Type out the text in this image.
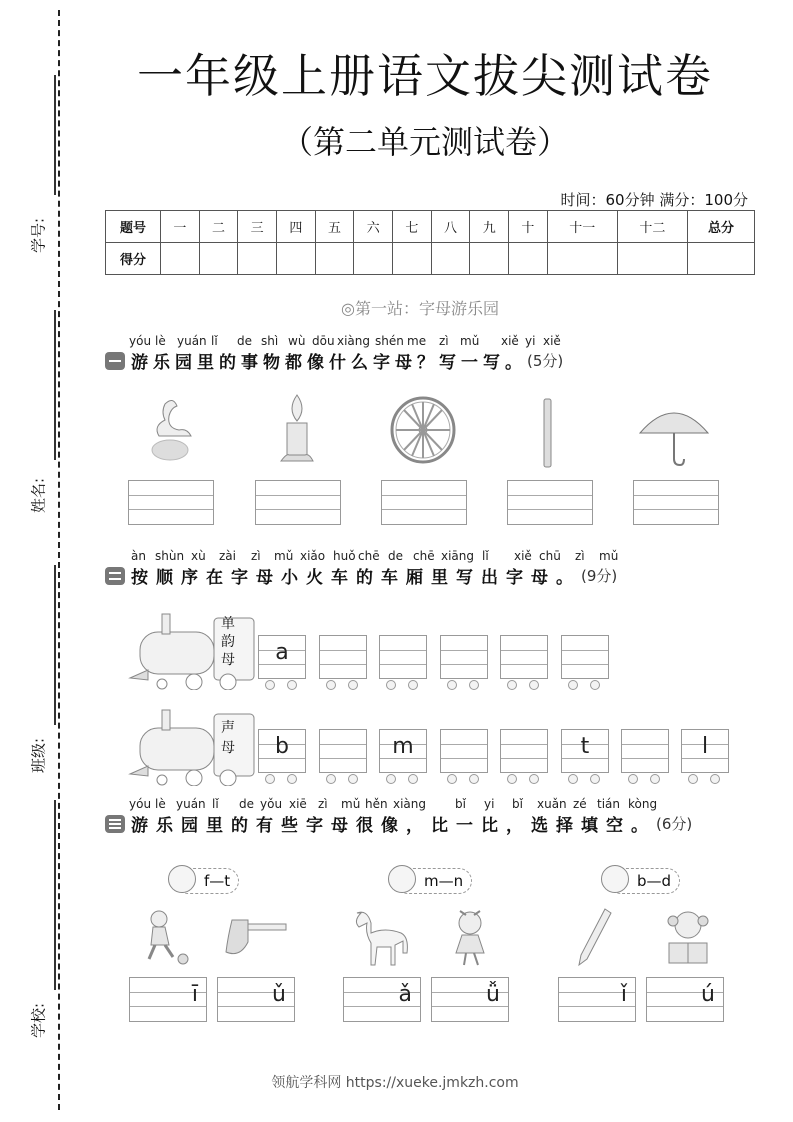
学号:
姓名:
班级:
学校:
一年级上册语文拔尖测试卷
（第二单元测试卷）
时间：60分钟 满分：100分
题号	一	二	三	四	五	六	七	八	九	十	十一	十二	总分
得分													
◎第一站：字母游乐园
yóu lè yuán lǐ de shì wù dōu xiàng shén me zì mǔ xiě yi xiě
游乐园里的事物都像什么字母？写一写。 (5分)
àn shùn xù zài zì mǔ xiǎo huǒ chē de chē xiāng lǐ xiě chū zì mǔ
按顺序在字母小火车的车厢里写出字母。 (9分)
单
韵
母	a
声
母	b	m	t	l
yóu lè yuán lǐ de yǒu xiē zì mǔ hěn xiàng bǐ yi bǐ xuǎn zé tián kòng
游乐园里的有些字母很像，比一比，选择填空。 (6分)
f—t
ī	ǔ
m—n
ǎ	ǚ
b—d
ǐ	ú
领航学科网 https://xueke.jmkzh.com
